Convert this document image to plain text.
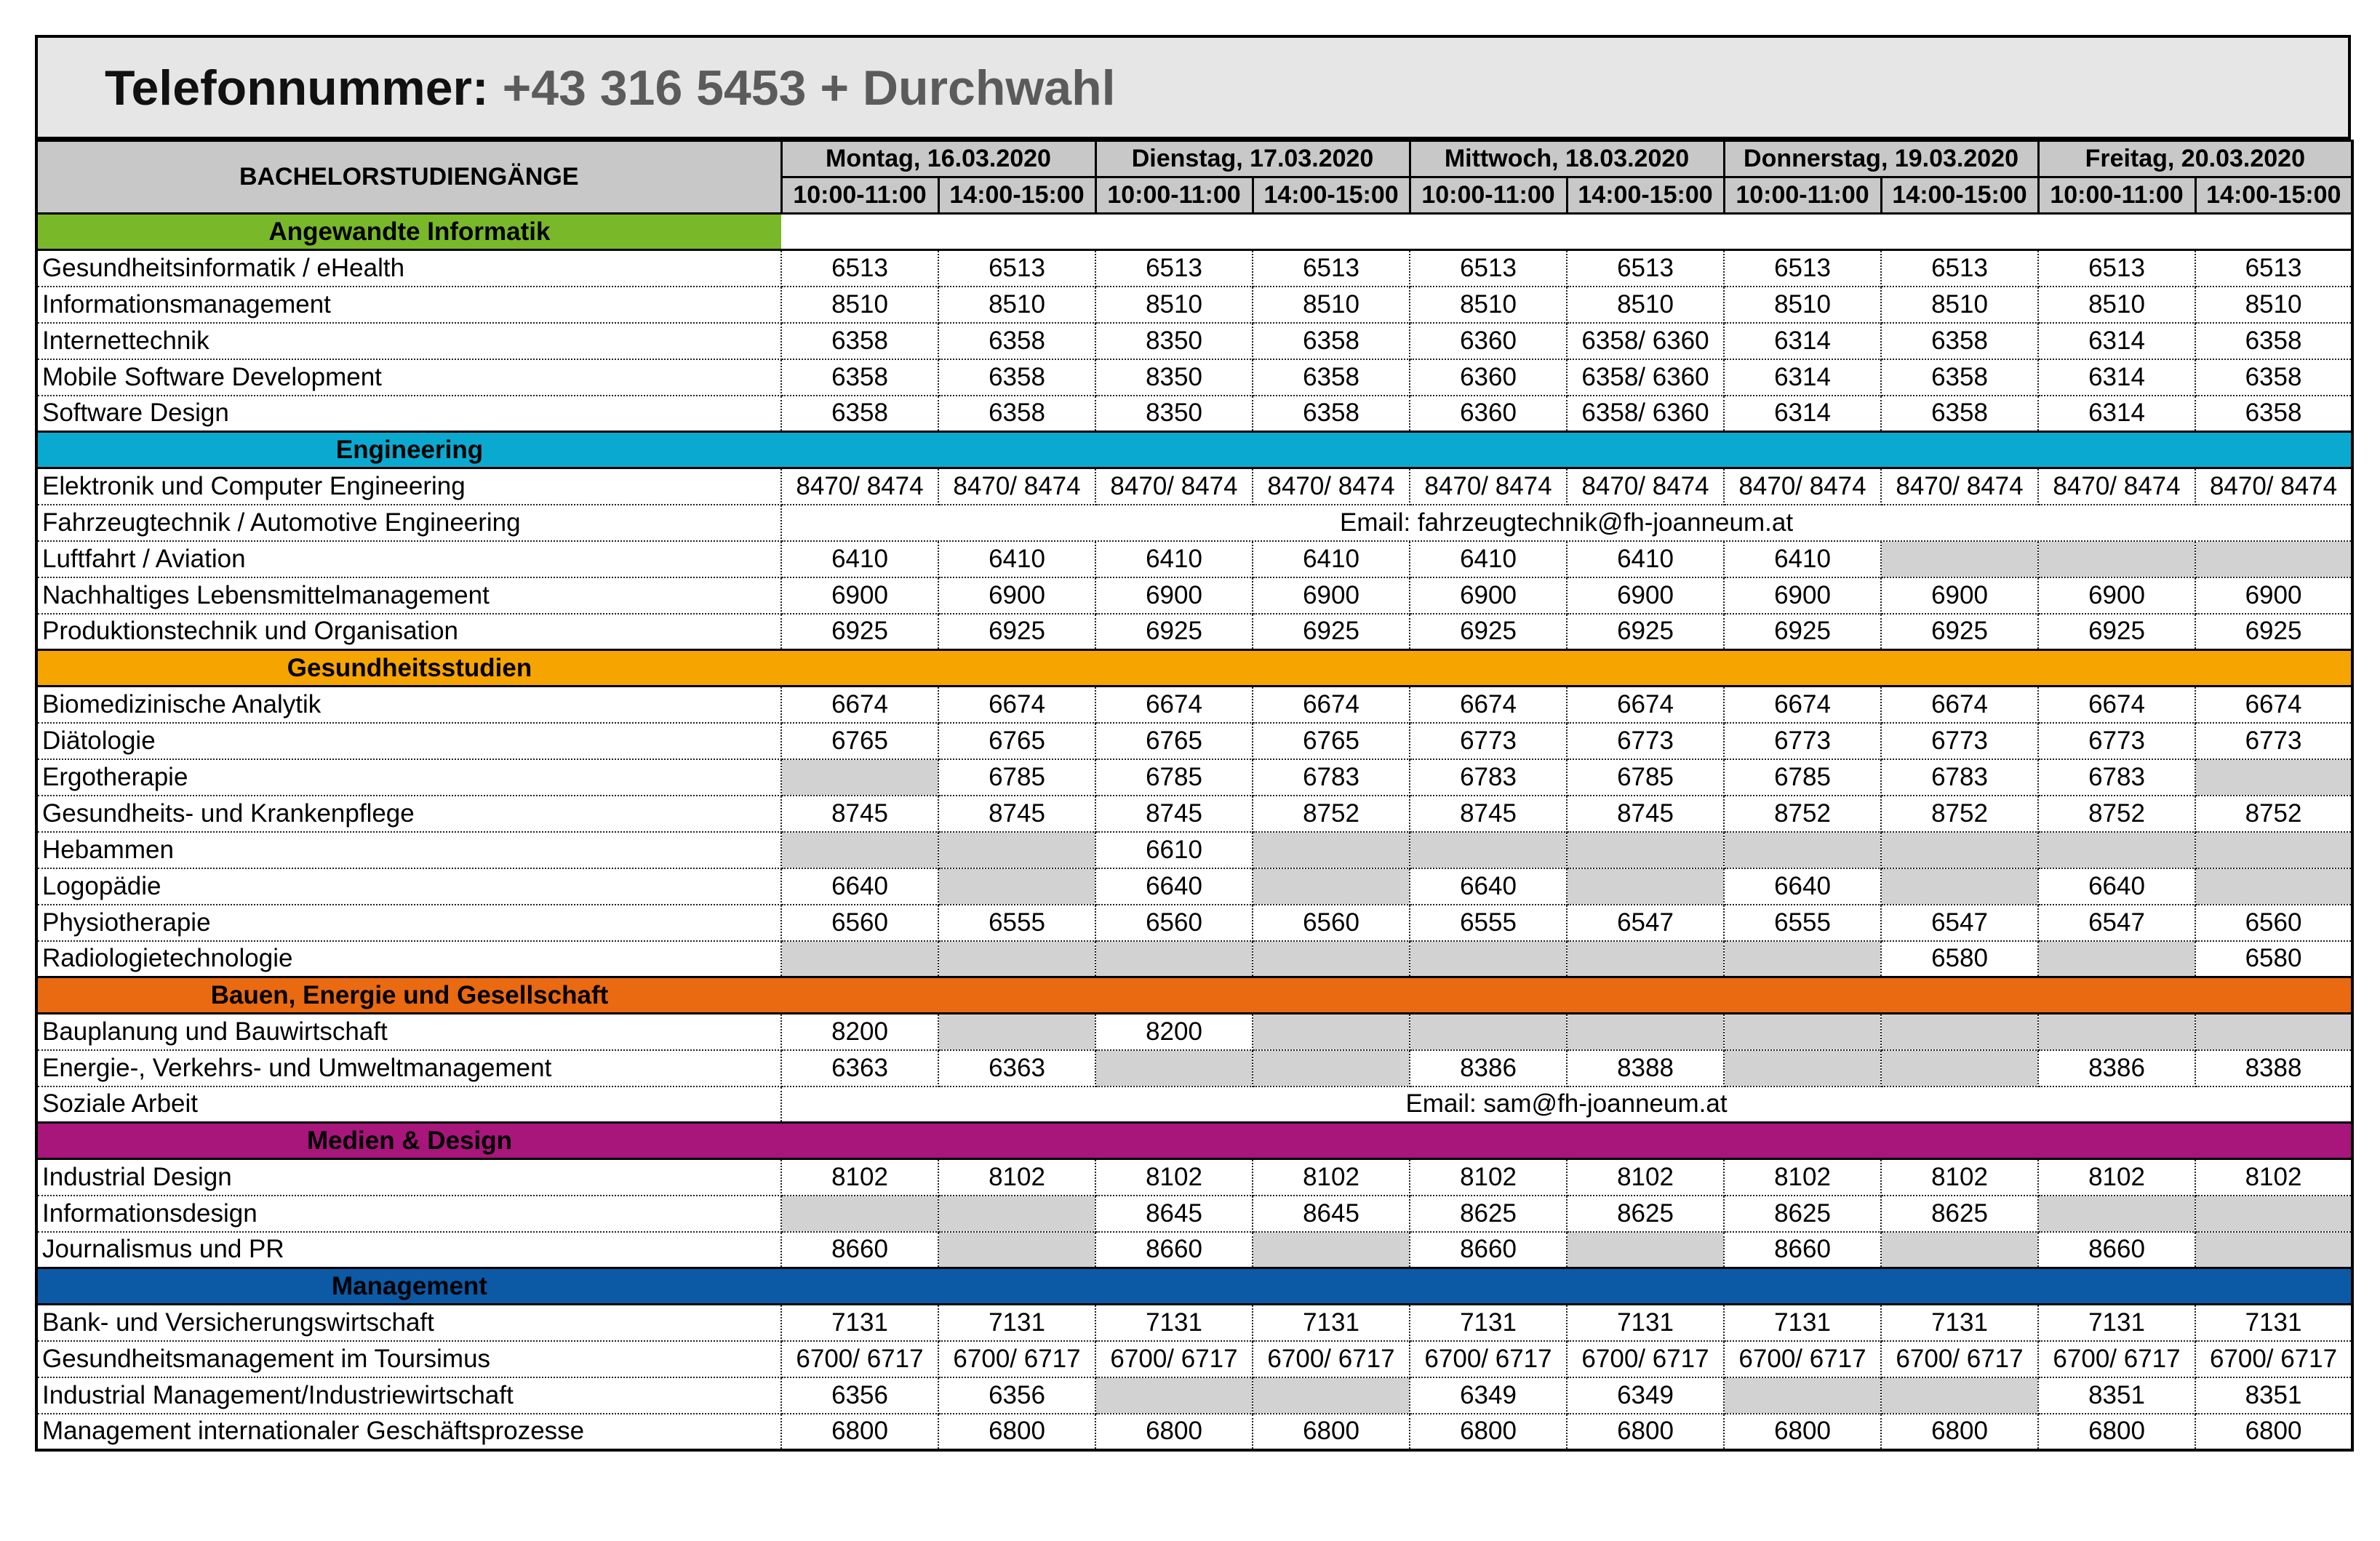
Telefonnummer: +43 316 5453 + Durchwahl
BACHELORSTUDIENGÄNGE	Montag, 16.03.2020		Dienstag, 17.03.2020		Mittwoch, 18.03.2020		Donnerstag, 19.03.2020		Freitag, 20.03.2020	
	10:00-11:00	14:00-15:00	10:00-11:00	14:00-15:00	10:00-11:00	14:00-15:00	10:00-11:00	14:00-15:00	10:00-11:00	14:00-15:00
Angewandte Informatik										
Gesundheitsinformatik / eHealth	6513	6513	6513	6513	6513	6513	6513	6513	6513	6513
Informationsmanagement	8510	8510	8510	8510	8510	8510	8510	8510	8510	8510
Internettechnik	6358	6358	8350	6358	6360	6358/ 6360	6314	6358	6314	6358
Mobile Software Development	6358	6358	8350	6358	6360	6358/ 6360	6314	6358	6314	6358
Software Design	6358	6358	8350	6358	6360	6358/ 6360	6314	6358	6314	6358
Engineering										
Elektronik und Computer Engineering	8470/ 8474	8470/ 8474	8470/ 8474	8470/ 8474	8470/ 8474	8470/ 8474	8470/ 8474	8470/ 8474	8470/ 8474	8470/ 8474
Fahrzeugtechnik / Automotive Engineering	Email: fahrzeugtechnik@fh-joanneum.at									
Luftfahrt / Aviation	6410	6410	6410	6410	6410	6410	6410			
Nachhaltiges Lebensmittelmanagement	6900	6900	6900	6900	6900	6900	6900	6900	6900	6900
Produktionstechnik und Organisation	6925	6925	6925	6925	6925	6925	6925	6925	6925	6925
Gesundheitsstudien										
Biomedizinische Analytik	6674	6674	6674	6674	6674	6674	6674	6674	6674	6674
Diätologie	6765	6765	6765	6765	6773	6773	6773	6773	6773	6773
Ergotherapie		6785	6785	6783	6783	6785	6785	6783	6783	
Gesundheits- und Krankenpflege	8745	8745	8745	8752	8745	8745	8752	8752	8752	8752
Hebammen			6610							
Logopädie	6640		6640		6640		6640		6640	
Physiotherapie	6560	6555	6560	6560	6555	6547	6555	6547	6547	6560
Radiologietechnologie								6580		6580
Bauen, Energie und Gesellschaft										
Bauplanung und Bauwirtschaft	8200		8200							
Energie-, Verkehrs- und Umweltmanagement	6363	6363			8386	8388			8386	8388
Soziale Arbeit	Email: sam@fh-joanneum.at									
Medien & Design										
Industrial Design	8102	8102	8102	8102	8102	8102	8102	8102	8102	8102
Informationsdesign			8645	8645	8625	8625	8625	8625		
Journalismus und PR	8660		8660		8660		8660		8660	
Management										
Bank- und Versicherungswirtschaft	7131	7131	7131	7131	7131	7131	7131	7131	7131	7131
Gesundheitsmanagement im Toursimus	6700/ 6717	6700/ 6717	6700/ 6717	6700/ 6717	6700/ 6717	6700/ 6717	6700/ 6717	6700/ 6717	6700/ 6717	6700/ 6717
Industrial Management/Industriewirtschaft	6356	6356			6349	6349			8351	8351
Management internationaler Geschäftsprozesse	6800	6800	6800	6800	6800	6800	6800	6800	6800	6800
